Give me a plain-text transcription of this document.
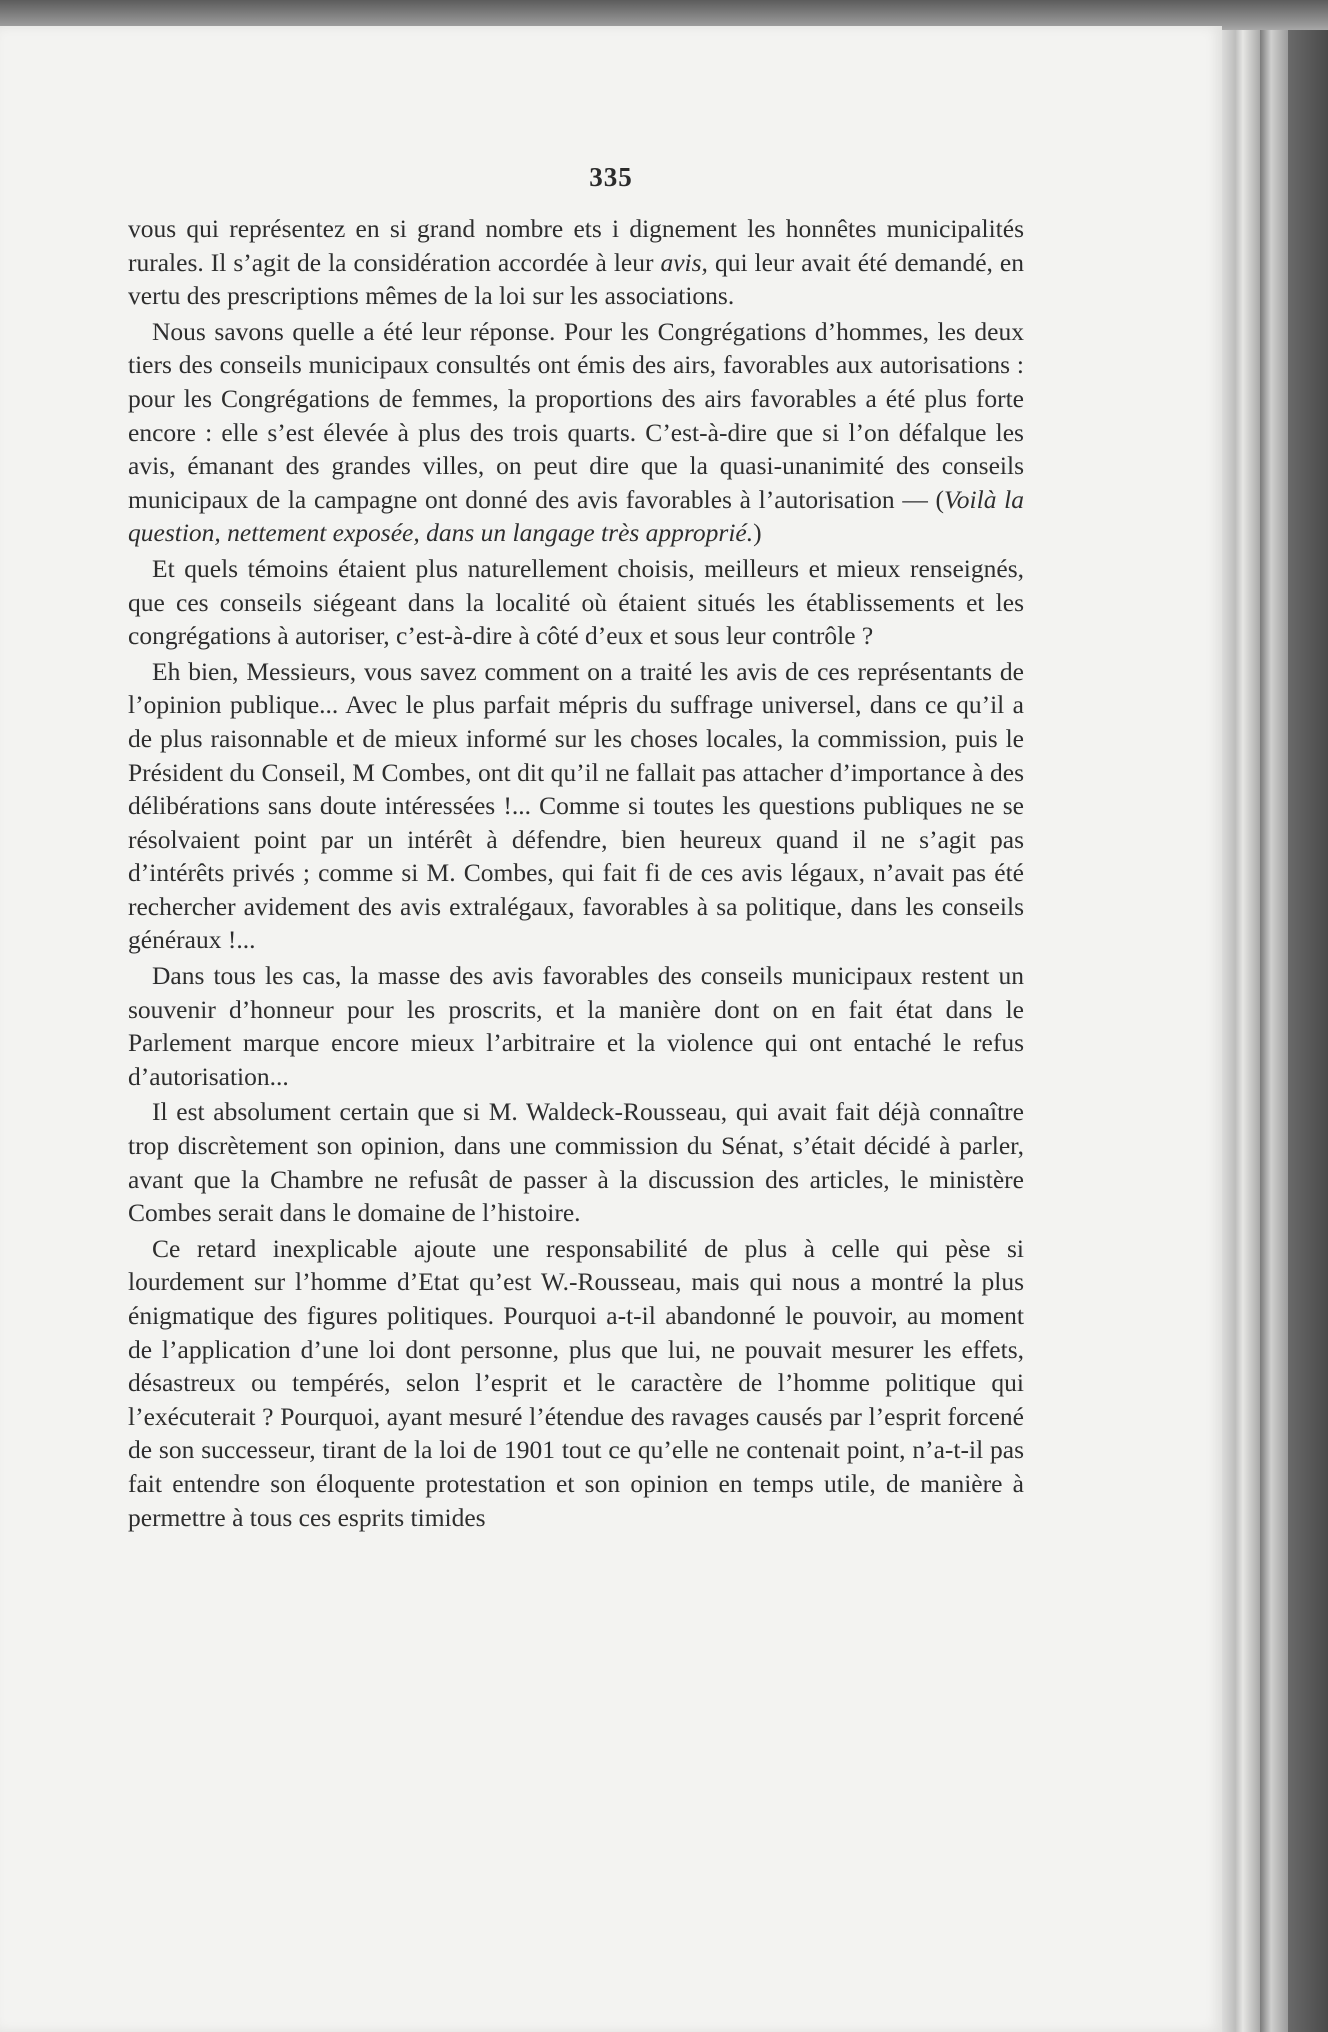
335

vous qui représentez en si grand nombre ets i dignement les honnêtes municipalités rurales. Il s’agit de la considération accordée à leur avis, qui leur avait été demandé, en vertu des prescriptions mêmes de la loi sur les associations.

Nous savons quelle a été leur réponse. Pour les Congrégations d’hommes, les deux tiers des conseils municipaux consultés ont émis des airs, favorables aux autorisations : pour les Congrégations de femmes, la proportions des airs favorables a été plus forte encore : elle s’est élevée à plus des trois quarts. C’est-à-dire que si l’on défalque les avis, émanant des grandes villes, on peut dire que la quasi-unanimité des conseils municipaux de la campagne ont donné des avis favorables à l’autorisation — (Voilà la question, nettement exposée, dans un langage très approprié.)

Et quels témoins étaient plus naturellement choisis, meilleurs et mieux renseignés, que ces conseils siégeant dans la localité où étaient situés les établissements et les congrégations à autoriser, c’est-à-dire à côté d’eux et sous leur contrôle ?

Eh bien, Messieurs, vous savez comment on a traité les avis de ces représentants de l’opinion publique... Avec le plus parfait mépris du suffrage universel, dans ce qu’il a de plus raisonnable et de mieux informé sur les choses locales, la commission, puis le Président du Conseil, M Combes, ont dit qu’il ne fallait pas attacher d’importance à des délibérations sans doute intéressées !... Comme si toutes les questions publiques ne se résolvaient point par un intérêt à défendre, bien heureux quand il ne s’agit pas d’intérêts privés ; comme si M. Combes, qui fait fi de ces avis légaux, n’avait pas été rechercher avidement des avis extralégaux, favorables à sa politique, dans les conseils généraux !...

Dans tous les cas, la masse des avis favorables des conseils municipaux restent un souvenir d’honneur pour les proscrits, et la manière dont on en fait état dans le Parlement marque encore mieux l’arbitraire et la violence qui ont entaché le refus d’autorisation...

Il est absolument certain que si M. Waldeck-Rousseau, qui avait fait déjà connaître trop discrètement son opinion, dans une commission du Sénat, s’était décidé à parler, avant que la Chambre ne refusât de passer à la discussion des articles, le ministère Combes serait dans le domaine de l’histoire.

Ce retard inexplicable ajoute une responsabilité de plus à celle qui pèse si lourdement sur l’homme d’Etat qu’est W.-Rousseau, mais qui nous a montré la plus énigmatique des figures politiques. Pourquoi a-t-il abandonné le pouvoir, au moment de l’application d’une loi dont personne, plus que lui, ne pouvait mesurer les effets, désastreux ou tempérés, selon l’esprit et le caractère de l’homme politique qui l’exécuterait ? Pourquoi, ayant mesuré l’étendue des ravages causés par l’esprit forcené de son successeur, tirant de la loi de 1901 tout ce qu’elle ne contenait point, n’a-t-il pas fait entendre son éloquente protestation et son opinion en temps utile, de manière à permettre à tous ces esprits timides
